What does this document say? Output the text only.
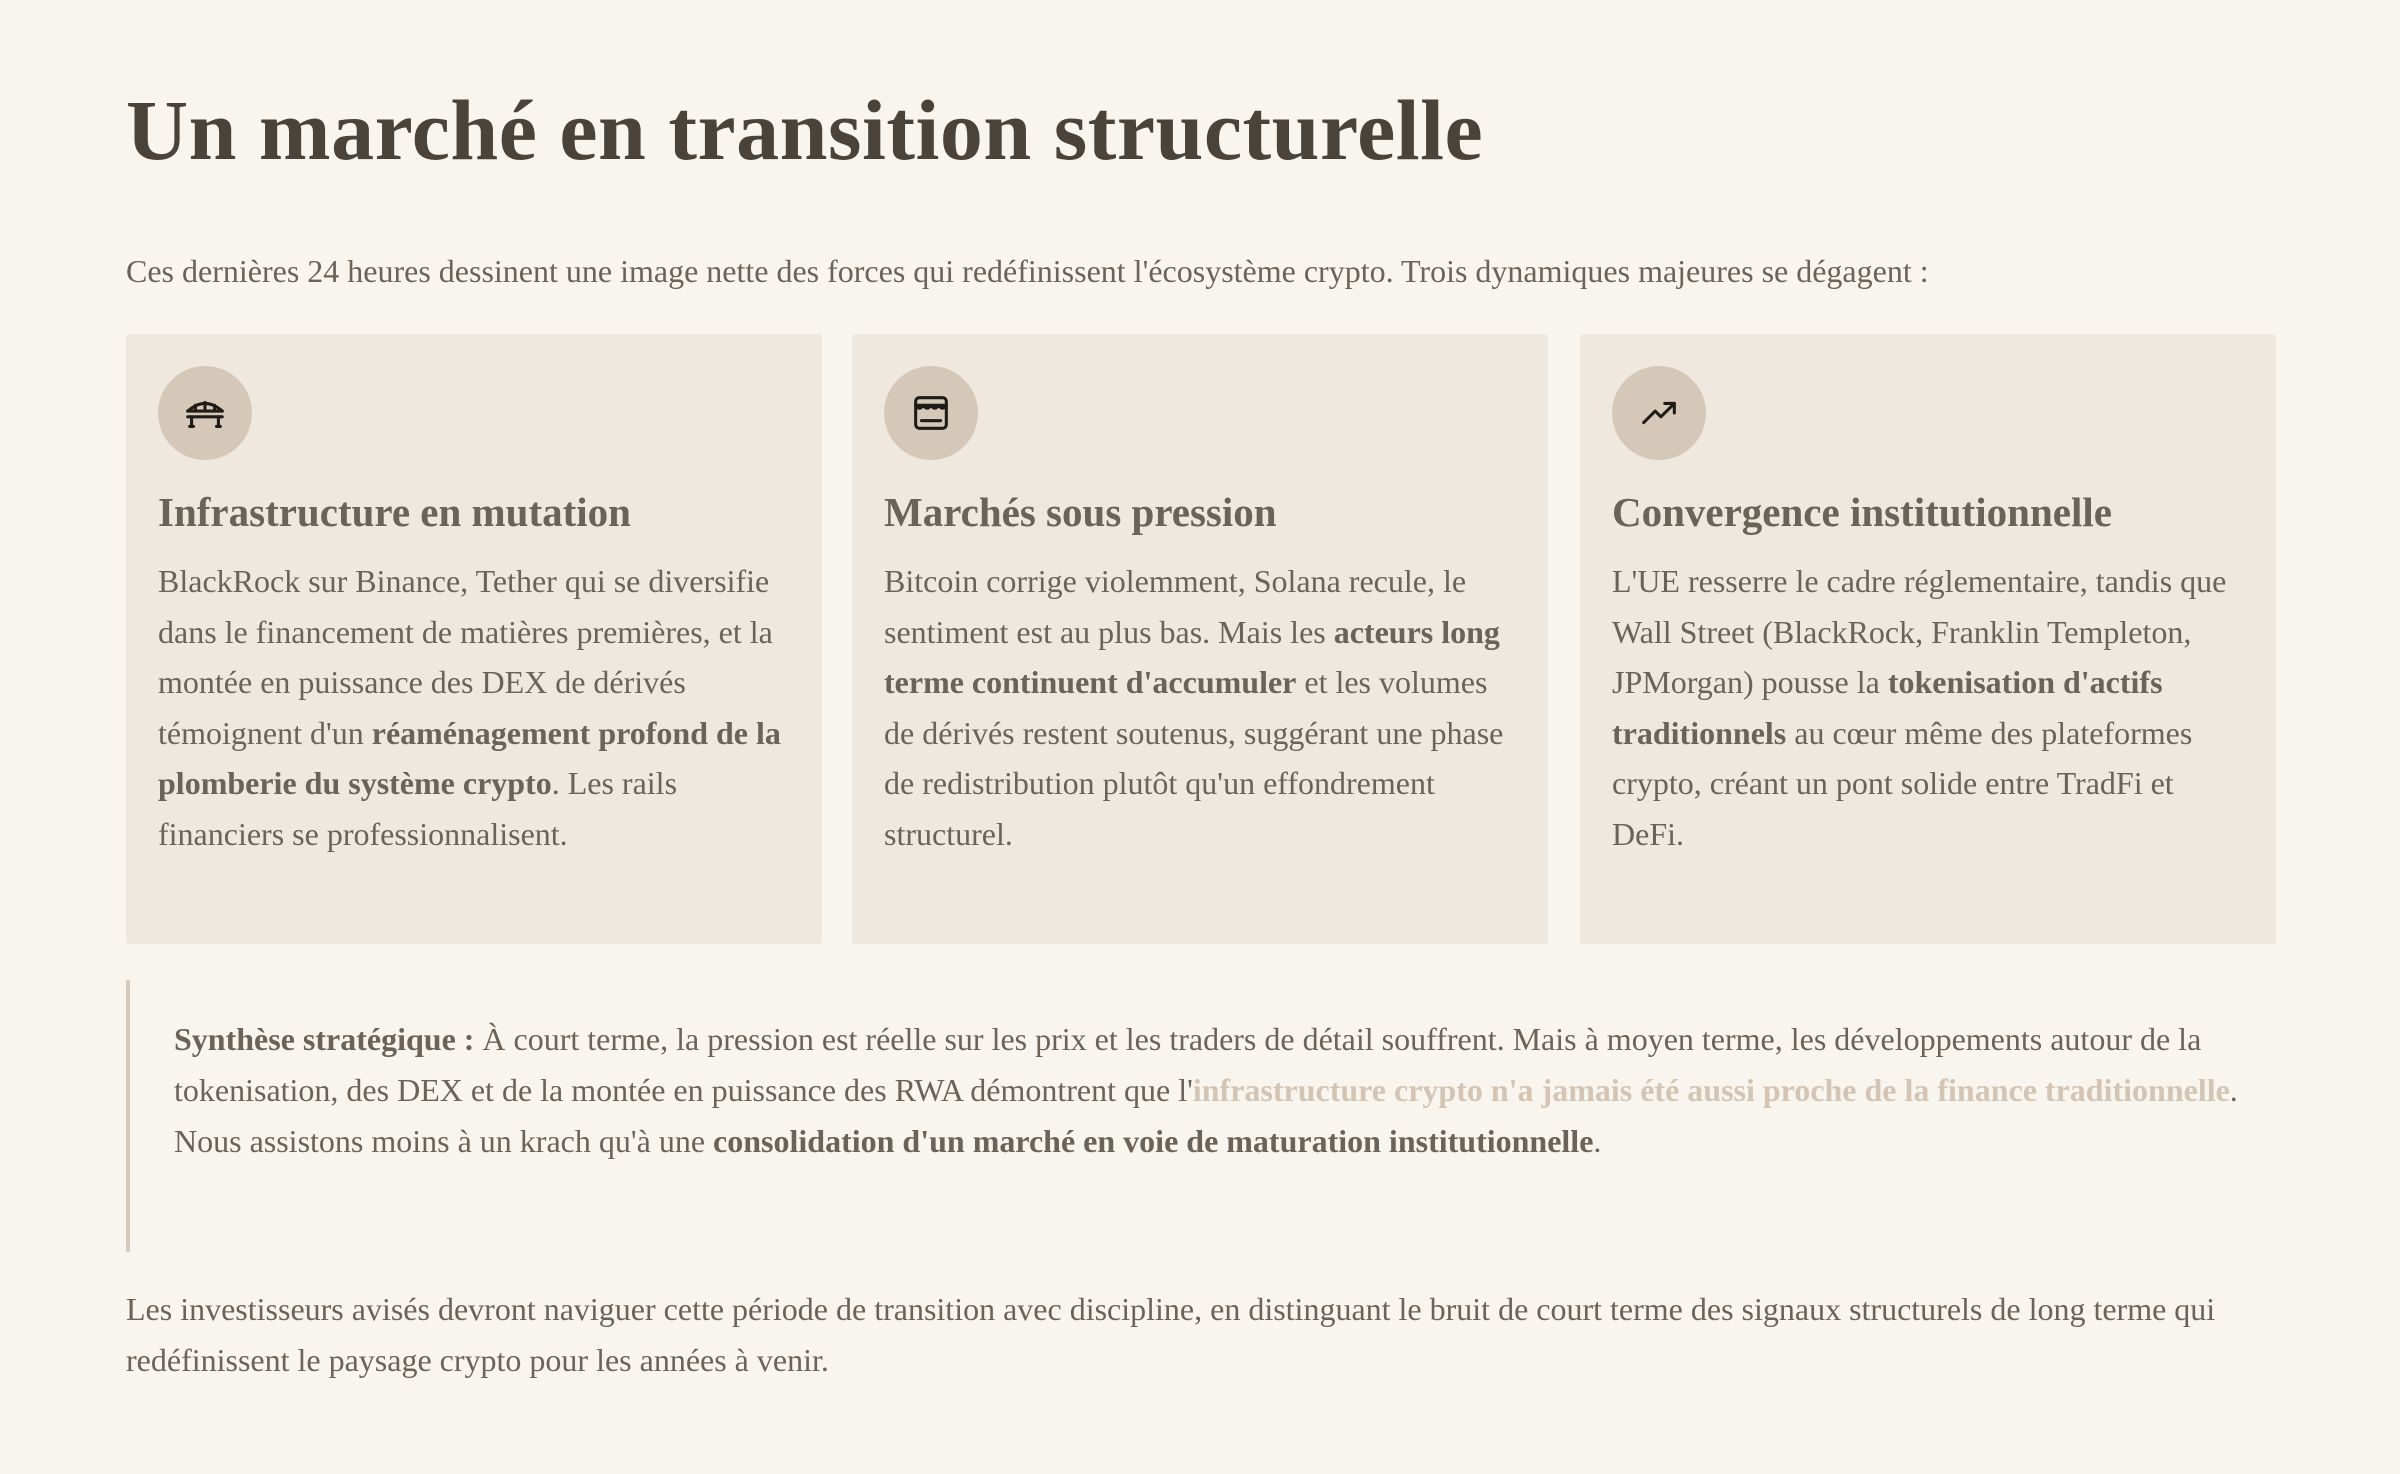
Un marché en transition structurelle

Ces dernières 24 heures dessinent une image nette des forces qui redéfinissent l'écosystème crypto. Trois dynamiques majeures se dégagent :

Infrastructure en mutation

BlackRock sur Binance, Tether qui se diversifie dans le financement de matières premières, et la montée en puissance des DEX de dérivés témoignent d'un réaménagement profond de la plomberie du système crypto. Les rails financiers se professionnalisent.

Marchés sous pression

Bitcoin corrige violemment, Solana recule, le sentiment est au plus bas. Mais les acteurs long terme continuent d'accumuler et les volumes de dérivés restent soutenus, suggérant une phase de redistribution plutôt qu'un effondrement structurel.

Convergence institutionnelle

L'UE resserre le cadre réglementaire, tandis que Wall Street (BlackRock, Franklin Templeton, JPMorgan) pousse la tokenisation d'actifs traditionnels au cœur même des plateformes crypto, créant un pont solide entre TradFi et DeFi.

Synthèse stratégique : À court terme, la pression est réelle sur les prix et les traders de détail souffrent. Mais à moyen terme, les développements autour de la tokenisation, des DEX et de la montée en puissance des RWA démontrent que l'infrastructure crypto n'a jamais été aussi proche de la finance traditionnelle. Nous assistons moins à un krach qu'à une consolidation d'un marché en voie de maturation institutionnelle.

Les investisseurs avisés devront naviguer cette période de transition avec discipline, en distinguant le bruit de court terme des signaux structurels de long terme qui redéfinissent le paysage crypto pour les années à venir.
